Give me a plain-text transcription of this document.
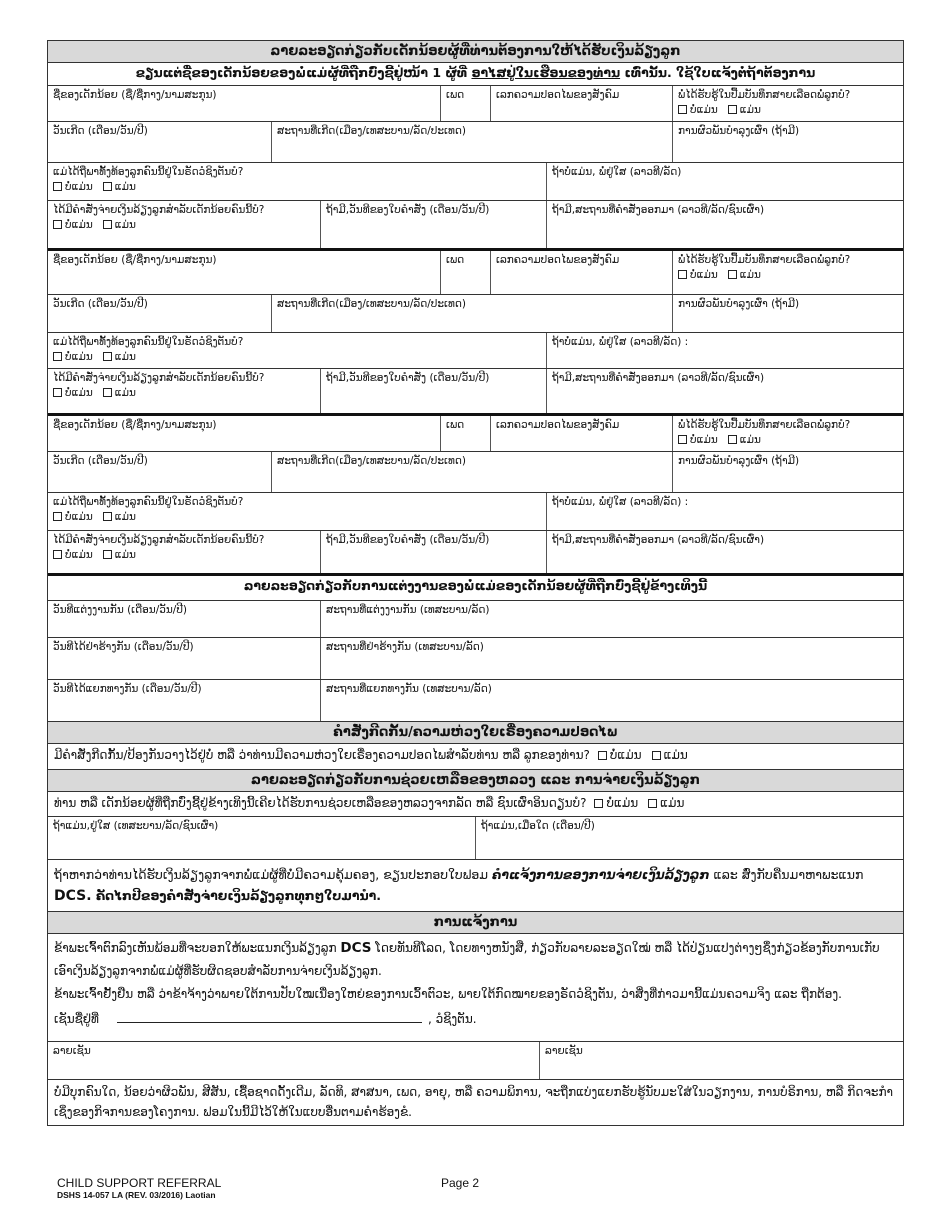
ລາຍລະອຽດກ່ຽວກັບເດັກນ້ອຍຜູ້ທີ່ທ່ານຕ້ອງການໃຫ້ໄດ້ຮັບເງິນລ້ຽງລູກ
ຂຽນແຕ່ຊື່ຂອງເດັກນ້ອຍຂອງພໍ່ແມ່ຜູ້ທີ່ຖືກບົ່ງຊີ້ຢູ່ໜ້າ 1 ຜູ້ທີ່ ອາໄສຢູ່ໃນເຮືອນຂອງທ່ານ ເທົ່ານັ້ນ. ໃຊ້ໃບແຈ້ງຕໍ່ຖ້າຕ້ອງການ
ຊື່ຂອງເດັກນ້ອຍ (ຊື່/ຊື່ກາງ/ນາມສະກຸນ)	ເພດ	ເລກຄວາມປອດໄພຂອງສັງຄົມ	ພໍ່ໄດ້ຮັບຮູ້ໃນປື້ມບັນທຶກສາຍເລືອດພໍ່ລູກບໍ?
ບໍ່ແມ່ນ ແມ່ນ
ວັນເກີດ (ເດືອນ/ວັນ/ປີ)	ສະຖານທີ່ເກີດ(ເມືອງ/ເທສະບານ/ລັດ/ປະເທດ)	ການຜົວພັນບຳລຸງເຜົ່າ (ຖ້າມີ)
ແມ່ໄດ້ຖືພາທັ້ງທ້ອງລູກຄົນນີ້ຢູ່ໃນຣັດວໍຊິງຕັນບໍ?
ບໍ່ແມ່ນ ແມ່ນ
ຖ້າບໍ່ແມ່ນ, ພໍ່ຢູ່ໃສ (ລາວທີ/ລັດ)
ໄດ້ມີຄຳສັ່ງຈ່າຍເງິນລ້ຽງລູກສຳລັບເດັກນ້ອຍຄົນນີ້ບໍ?
ບໍ່ແມ່ນ ແມ່ນ
ຖ້າມີ,ວັນທີຂອງໃບຄຳສັ່ງ (ເດືອນ/ວັນ/ປີ)	ຖ້າມີ,ສະຖານທີ່ຄຳສັ່ງອອກມາ (ລາວທີ/ລັດ/ຊົນເຜົ່າ)
ຊື່ຂອງເດັກນ້ອຍ (ຊື່/ຊື່ກາງ/ນາມສະກຸນ)	ເພດ	ເລກຄວາມປອດໄພຂອງສັງຄົມ	ພໍ່ໄດ້ຮັບຮູ້ໃນປື້ມບັນທຶກສາຍເລືອດພໍ່ລູກບໍ?
ບໍ່ແມ່ນ ແມ່ນ
ວັນເກີດ (ເດືອນ/ວັນ/ປີ)	ສະຖານທີ່ເກີດ(ເມືອງ/ເທສະບານ/ລັດ/ປະເທດ)	ການຜົວພັນບຳລຸງເຜົ່າ (ຖ້າມີ)
ແມ່ໄດ້ຖືພາທັ້ງທ້ອງລູກຄົນນີ້ຢູ່ໃນຣັດວໍຊິງຕັນບໍ?
ບໍ່ແມ່ນ ແມ່ນ
ຖ້າບໍ່ແມ່ນ, ພໍ່ຢູ່ໃສ (ລາວທີ/ລັດ) :
ໄດ້ມີຄຳສັ່ງຈ່າຍເງິນລ້ຽງລູກສຳລັບເດັກນ້ອຍຄົນນີ້ບໍ?
ບໍ່ແມ່ນ ແມ່ນ
ຖ້າມີ,ວັນທີຂອງໃບຄຳສັ່ງ (ເດືອນ/ວັນ/ປີ)	ຖ້າມີ,ສະຖານທີ່ຄຳສັ່ງອອກມາ (ລາວທີ/ລັດ/ຊົນເຜົ່າ)
ຊື່ຂອງເດັກນ້ອຍ (ຊື່/ຊື່ກາງ/ນາມສະກຸນ)	ເພດ	ເລກຄວາມປອດໄພຂອງສັງຄົມ	ພໍ່ໄດ້ຮັບຮູ້ໃນປື້ມບັນທຶກສາຍເລືອດພໍ່ລູກບໍ?
ບໍ່ແມ່ນ ແມ່ນ
ວັນເກີດ (ເດືອນ/ວັນ/ປີ)	ສະຖານທີ່ເກີດ(ເມືອງ/ເທສະບານ/ລັດ/ປະເທດ)	ການຜົວພັນບຳລຸງເຜົ່າ (ຖ້າມີ)
ແມ່ໄດ້ຖືພາທັ້ງທ້ອງລູກຄົນນີ້ຢູ່ໃນຣັດວໍຊິງຕັນບໍ?
ບໍ່ແມ່ນ ແມ່ນ
ຖ້າບໍ່ແມ່ນ, ພໍ່ຢູ່ໃສ (ລາວທີ/ລັດ) :
ໄດ້ມີຄຳສັ່ງຈ່າຍເງິນລ້ຽງລູກສຳລັບເດັກນ້ອຍຄົນນີ້ບໍ?
ບໍ່ແມ່ນ ແມ່ນ
ຖ້າມີ,ວັນທີຂອງໃບຄຳສັ່ງ (ເດືອນ/ວັນ/ປີ)	ຖ້າມີ,ສະຖານທີ່ຄຳສັ່ງອອກມາ (ລາວທີ/ລັດ/ຊົນເຜົ່າ)
ລາຍລະອຽດກ່ຽວກັບການແຕ່ງງານຂອງພໍ່ແມ່ຂອງເດັກນ້ອຍຜູ້ທີ່ຖືກບົ່ງຊີ້ຢູ່ຂ້າງເທິງນີ້
ວັນທີແຕ່ງງານກັນ (ເດືອນ/ວັນ/ປີ)	ສະຖານທີ່ແຕ່ງງານກັນ (ເທສະບານ/ລັດ)
ວັນທີໄດ້ຢ່າຮ້າງກັນ (ເດືອນ/ວັນ/ປີ)	ສະຖານທີ່ຢ່າຮ້າງກັນ (ເທສະບານ/ລັດ)
ວັນທີໄດ້ແຍກທາງກັນ (ເດືອນ/ວັນ/ປີ)	ສະຖານທີ່ແຍກທາງກັນ (ເທສະບານ/ລັດ)
ຄຳສັ່ງກີດກັ້ນ/ຄວາມຫ່ວງໃຍເຣື່ອງຄວາມປອດໄພ
ມີຄຳສັ່ງກີດກັ້ນ/ປ້ອງກັນວາງໄວ້ຢູ່ບໍ່ ຫລື ວ່າທ່ານມີຄວາມຫ່ວງໃຍເຣື່ອງຄວາມປອດໄພສຳລັບທ່ານ ຫລື ລູກຂອງທ່ານ? ບໍ່ແມ່ນ ແມ່ນ
ລາຍລະອຽດກ່ຽວກັບການຊ່ວຍເຫລືອຂອງຫລວງ ແລະ ການຈ່າຍເງິນລ້ຽງລູກ
ທ່ານ ຫລື ເດັກນ້ອຍຜູ້ທີ່ຖືກບົ່ງຊີ້ຢູ່ຂ້າງເທິງນີ້ເຄີຍໄດ້ຮັບການຊ່ວຍເຫລືອຂອງຫລວງຈາກລັດ ຫລື ຊົນເຜົ່າອິນດຽນບໍ? ບໍ່ແມ່ນ ແມ່ນ
ຖ້າແມ່ນ,ຢູ່ໃສ (ເທສະບານ/ລັດ/ຊົນເຜົ່າ)	ຖ້າແມ່ນ,ເມື່ອໃດ (ເດືອນ/ປີ)
ຖ້າຫາກວ່າທ່ານໄດ້ຮັບເງິນລ້ຽງລູກຈາກພໍ່ແມ່ຜູ້ທີ່ບໍ່ມີຄວາມຄຸ້ມຄອງ, ຂຽນປະກອບໃບຟອມ ຄຳແຈ້ງການຂອງການຈ່າຍເງິນລ້ຽງລູກ ແລະ ສົ່ງກັບຄືນມາຫາພະແນກ
DCS. ຄັດໄກປີຂອງຄຳສັ່ງຈ່າຍເງິນລ້ຽງລູກທຸກໆໃບມານຳ.
ການແຈ້ງການ
ຂ້າພະເຈົ້າຕົກລົງເຫັນພ້ອມທີ່ຈະບອກໃຫ້ພະແນກເງິນລ້ຽງລູກ DCS ໂດຍທັນທີໂລດ, ໂດຍທາງຫນັງສື, ກ່ຽວກັບລາຍລະອຽດໃໝ່ ຫລື ໄດ້ປ່ຽນແປງຕ່າງໆຊຶ່ງກ່ຽວຂ້ອງກັບການເກັບເອົາເງິນລ້ຽງລູກຈາກພໍ່ແມ່ຜູ້ທີ່ຮັບຜິດຊອບສຳລັບການຈ່າຍເງິນລ້ຽງລູກ.
ຂ້າພະເຈົ້າຢັ້ງຢືນ ຫລື ວ່າຂ້າຈ້າງວ່າພາຍໃຕ້ການປັບໃໝເນື່ອງໃຫຍ່ຂອງການເວົ້າຕົວະ, ພາຍໃຕ້ກົດໝາຍຂອງຣັດວໍຊິງຕັນ, ວ່າສິ່ງທີ່ກ່າວມານີ້ແມ່ນຄວາມຈິງ ແລະ ຖືກຕ້ອງ.
ເຊັນຊື່ຢູ່ທີ່	, ວໍຊິງຕັນ.
ລາຍເຊັນ	ລາຍເຊັນ
ບໍ່ມີບຸກຄົນໃດ, ນ້ອຍວ່າຜິວພັນ, ສີສັນ, ເຊື້ອຊາດດັ້ງເດີມ, ລັດທິ, ສາສນາ, ເພດ, ອາຍຸ, ຫລື ຄວາມພິການ, ຈະຖືກແບ່ງແຍກຮັບຮູ້ນັບມະໃສ່ໃນວຽກງານ, ການບໍຣິການ, ຫລື ກິດຈະກຳເຊິ່ງຂອງກິຈການຂອງໂຄງການ. ຟອມໃນນີ້ມີໄວ້ໃຫ້ໃນແບບອື່ນຕາມຄຳຮ້ອງຂໍ.
CHILD SUPPORT REFERRAL
DSHS 14-057 LA (REV. 03/2016) Laotian
Page 2
